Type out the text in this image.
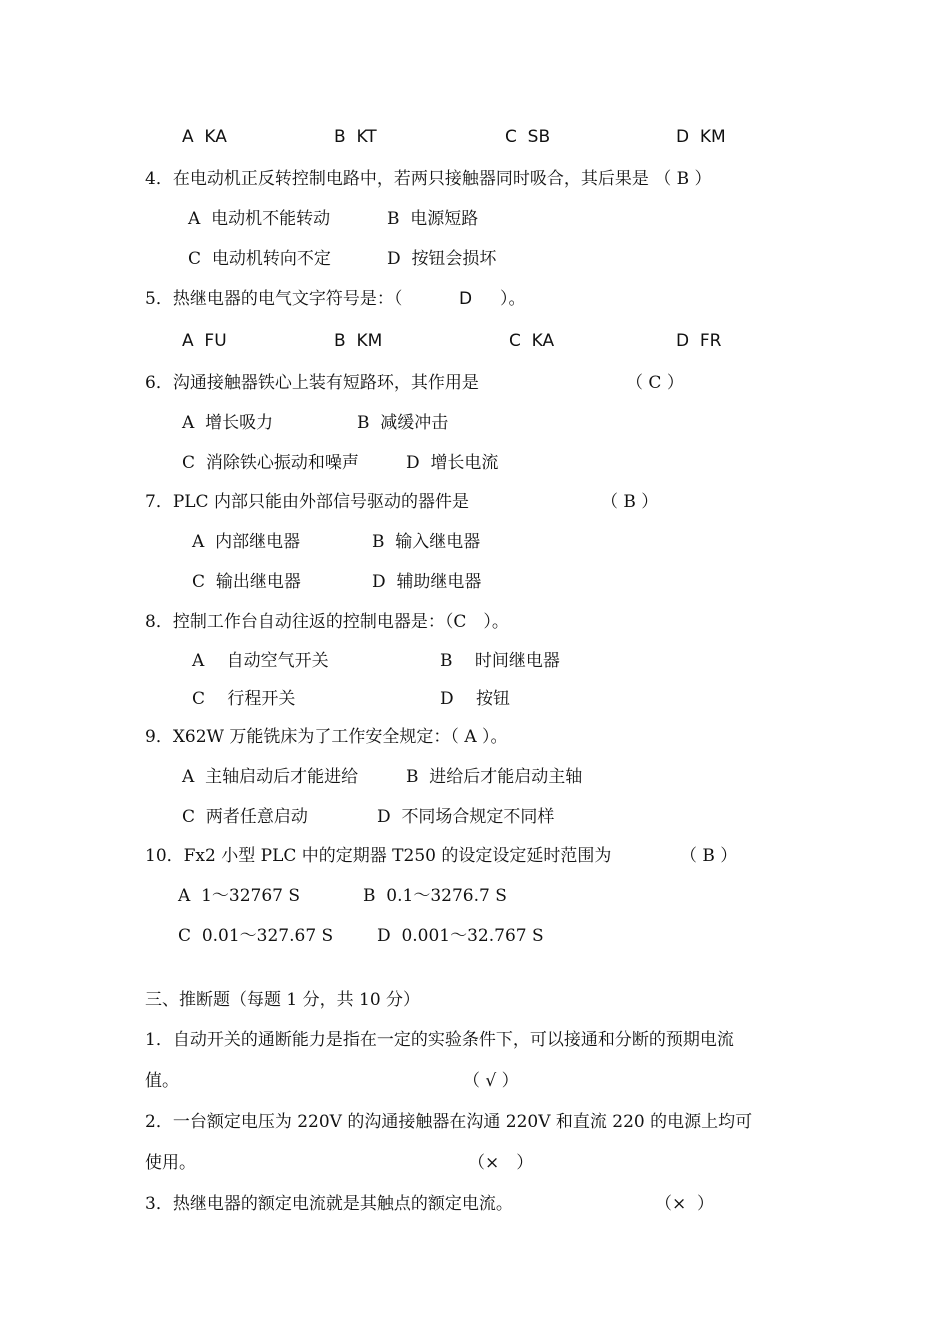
A  KA	B  KT	C  SB	D  KM
4．在电动机正反转控制电路中，若两只接触器同时吸合，其后果是 （ B ）
A  电动机不能转动	B  电源短路
C  电动机转向不定	D  按钮会损坏
5．热继电器的电气文字符号是：（	D ）。
A  FU	B  KM	C  KA	D  FR
6．沟通接触器铁心上装有短路环，其作用是	（ C ）
A  增长吸力	B  减缓冲击
C  消除铁心振动和噪声	D  增长电流
7．PLC 内部只能由外部信号驱动的器件是	（ B ）
A  内部继电器	B  输入继电器
C  输出继电器	D  辅助继电器
8．控制工作台自动往返的控制电器是：（C　）。
A　 自动空气开关	B　 时间继电器
C　 行程开关	D　 按钮
9．X62W 万能铣床为了工作安全规定：（ A ）。
A  主轴启动后才能进给	B  进给后才能启动主轴
C  两者任意启动	D  不同场合规定不同样
10．Fx2 小型 PLC 中的定期器 T250 的设定设定延时范围为	（ B ）
A  1～32767 S	B  0.1～3276.7 S
C  0.01～327.67 S	D  0.001～32.767 S
三、推断题（每题 1 分，共 10 分）
1．自动开关的通断能力是指在一定的实验条件下，可以接通和分断的预期电流
值。	（ √ ）
2．一台额定电压为 220V 的沟通接触器在沟通 220V 和直流 220 的电源上均可
使用。	（×　）
3．热继电器的额定电流就是其触点的额定电流。	（×  ）
